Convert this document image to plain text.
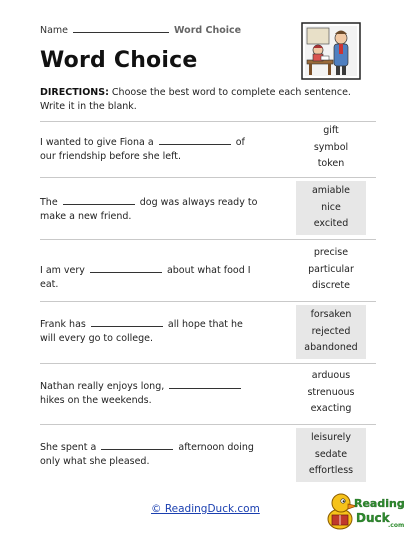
Name	Word Choice
Word Choice
DIRECTIONS: Choose the best word to complete each sentence. Write it in the blank.
I wanted to give Fiona a	of our friendship before she left.
gift
symbol
token
The	dog was always ready to make a new friend.
amiable
nice
excited
I am very	about what food I eat.
precise
particular
discrete
Frank has	all hope that he will every go to college.
forsaken
rejected
abandoned
Nathan really enjoys long,  hikes on the weekends.
arduous
strenuous
exacting
She spent a	afternoon doing only what she pleased.
leisurely
sedate
effortless
© ReadingDuck.com	Reading
Duck
.com
